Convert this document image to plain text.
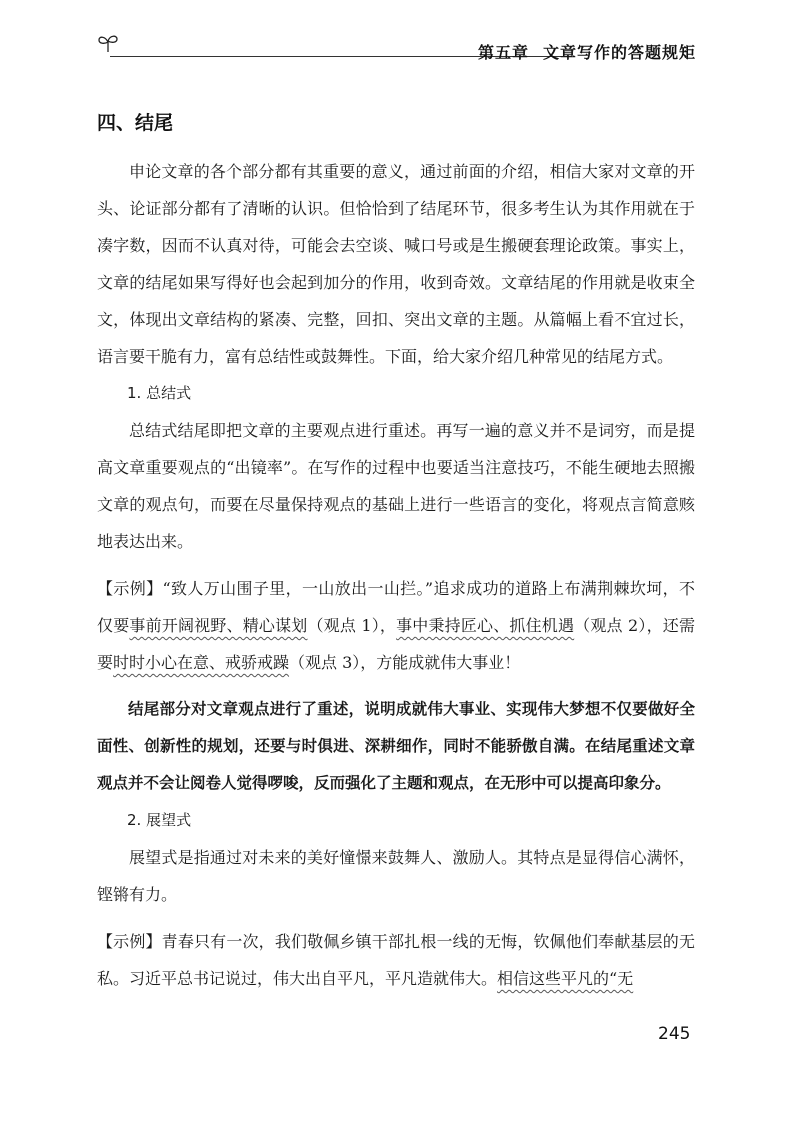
第五章 文章写作的答题规矩
四、结尾

申论文章的各个部分都有其重要的意义，通过前面的介绍，相信大家对文章的开头、论证部分都有了清晰的认识。但恰恰到了结尾环节，很多考生认为其作用就在于凑字数，因而不认真对待，可能会去空谈、喊口号或是生搬硬套理论政策。事实上，文章的结尾如果写得好也会起到加分的作用，收到奇效。文章结尾的作用就是收束全文，体现出文章结构的紧凑、完整，回扣、突出文章的主题。从篇幅上看不宜过长，语言要干脆有力，富有总结性或鼓舞性。下面，给大家介绍几种常见的结尾方式。

1. 总结式

总结式结尾即把文章的主要观点进行重述。再写一遍的意义并不是词穷，而是提高文章重要观点的“出镜率”。在写作的过程中也要适当注意技巧，不能生硬地去照搬文章的观点句，而要在尽量保持观点的基础上进行一些语言的变化，将观点言简意赅地表达出来。

【示例】“致人万山围子里，一山放出一山拦。”追求成功的道路上布满荆棘坎坷，不仅要事前开阔视野、精心谋划（观点 1），事中秉持匠心、抓住机遇（观点 2），还需要时时小心在意、戒骄戒躁（观点 3），方能成就伟大事业！

结尾部分对文章观点进行了重述，说明成就伟大事业、实现伟大梦想不仅要做好全面性、创新性的规划，还要与时俱进、深耕细作，同时不能骄傲自满。在结尾重述文章观点并不会让阅卷人觉得啰唆，反而强化了主题和观点，在无形中可以提高印象分。

2. 展望式

展望式是指通过对未来的美好憧憬来鼓舞人、激励人。其特点是显得信心满怀，铿锵有力。

【示例】青春只有一次，我们敬佩乡镇干部扎根一线的无悔，钦佩他们奉献基层的无私。习近平总书记说过，伟大出自平凡，平凡造就伟大。相信这些平凡的“无

245
